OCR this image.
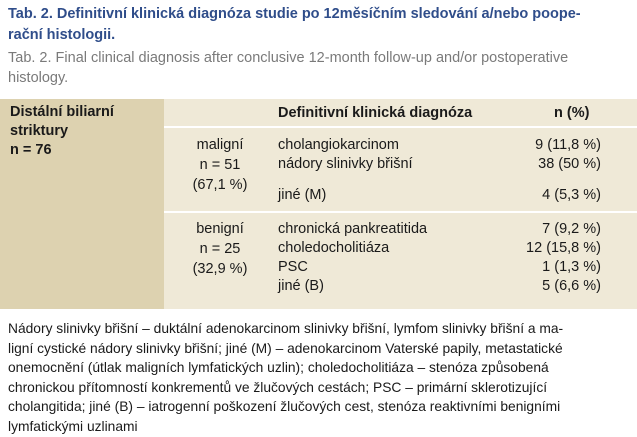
Tab. 2. Definitivní klinická diagnóza studie po 12měsíčním sledování a/nebo poope-
rační histologii.
Tab. 2. Final clinical diagnosis after conclusive 12-month follow-up and/or postoperative
histology.
Distální biliarní
striktury
n = 76
Definitivní klinická diagnóza	n (%)
maligní
n = 51
(67,1 %)
cholangiokarcinom	9 (11,8 %)
nádory slinivky břišní	38 (50 %)
jiné (M)	4 (5,3 %)
benigní
n = 25
(32,9 %)
chronická pankreatitida	7 (9,2 %)
choledocholitiáza	12 (15,8 %)
PSC	1 (1,3 %)
jiné (B)	5 (6,6 %)
Nádory slinivky břišní – duktální adenokarcinom slinivky břišní, lymfom slinivky břišní a ma-
ligní cystické nádory slinivky břišní; jiné (M) – adenokarcinom Vaterské papily, metastatické
onemocnění (útlak maligních lymfatických uzlin); choledocholitiáza – stenóza způsobená
chronickou přítomností konkrementů ve žlučových cestách; PSC – primární sklerotizující
cholangitida; jiné (B) – iatrogenní poškození žlučových cest, stenóza reaktivními benigními
lymfatickými uzlinami
